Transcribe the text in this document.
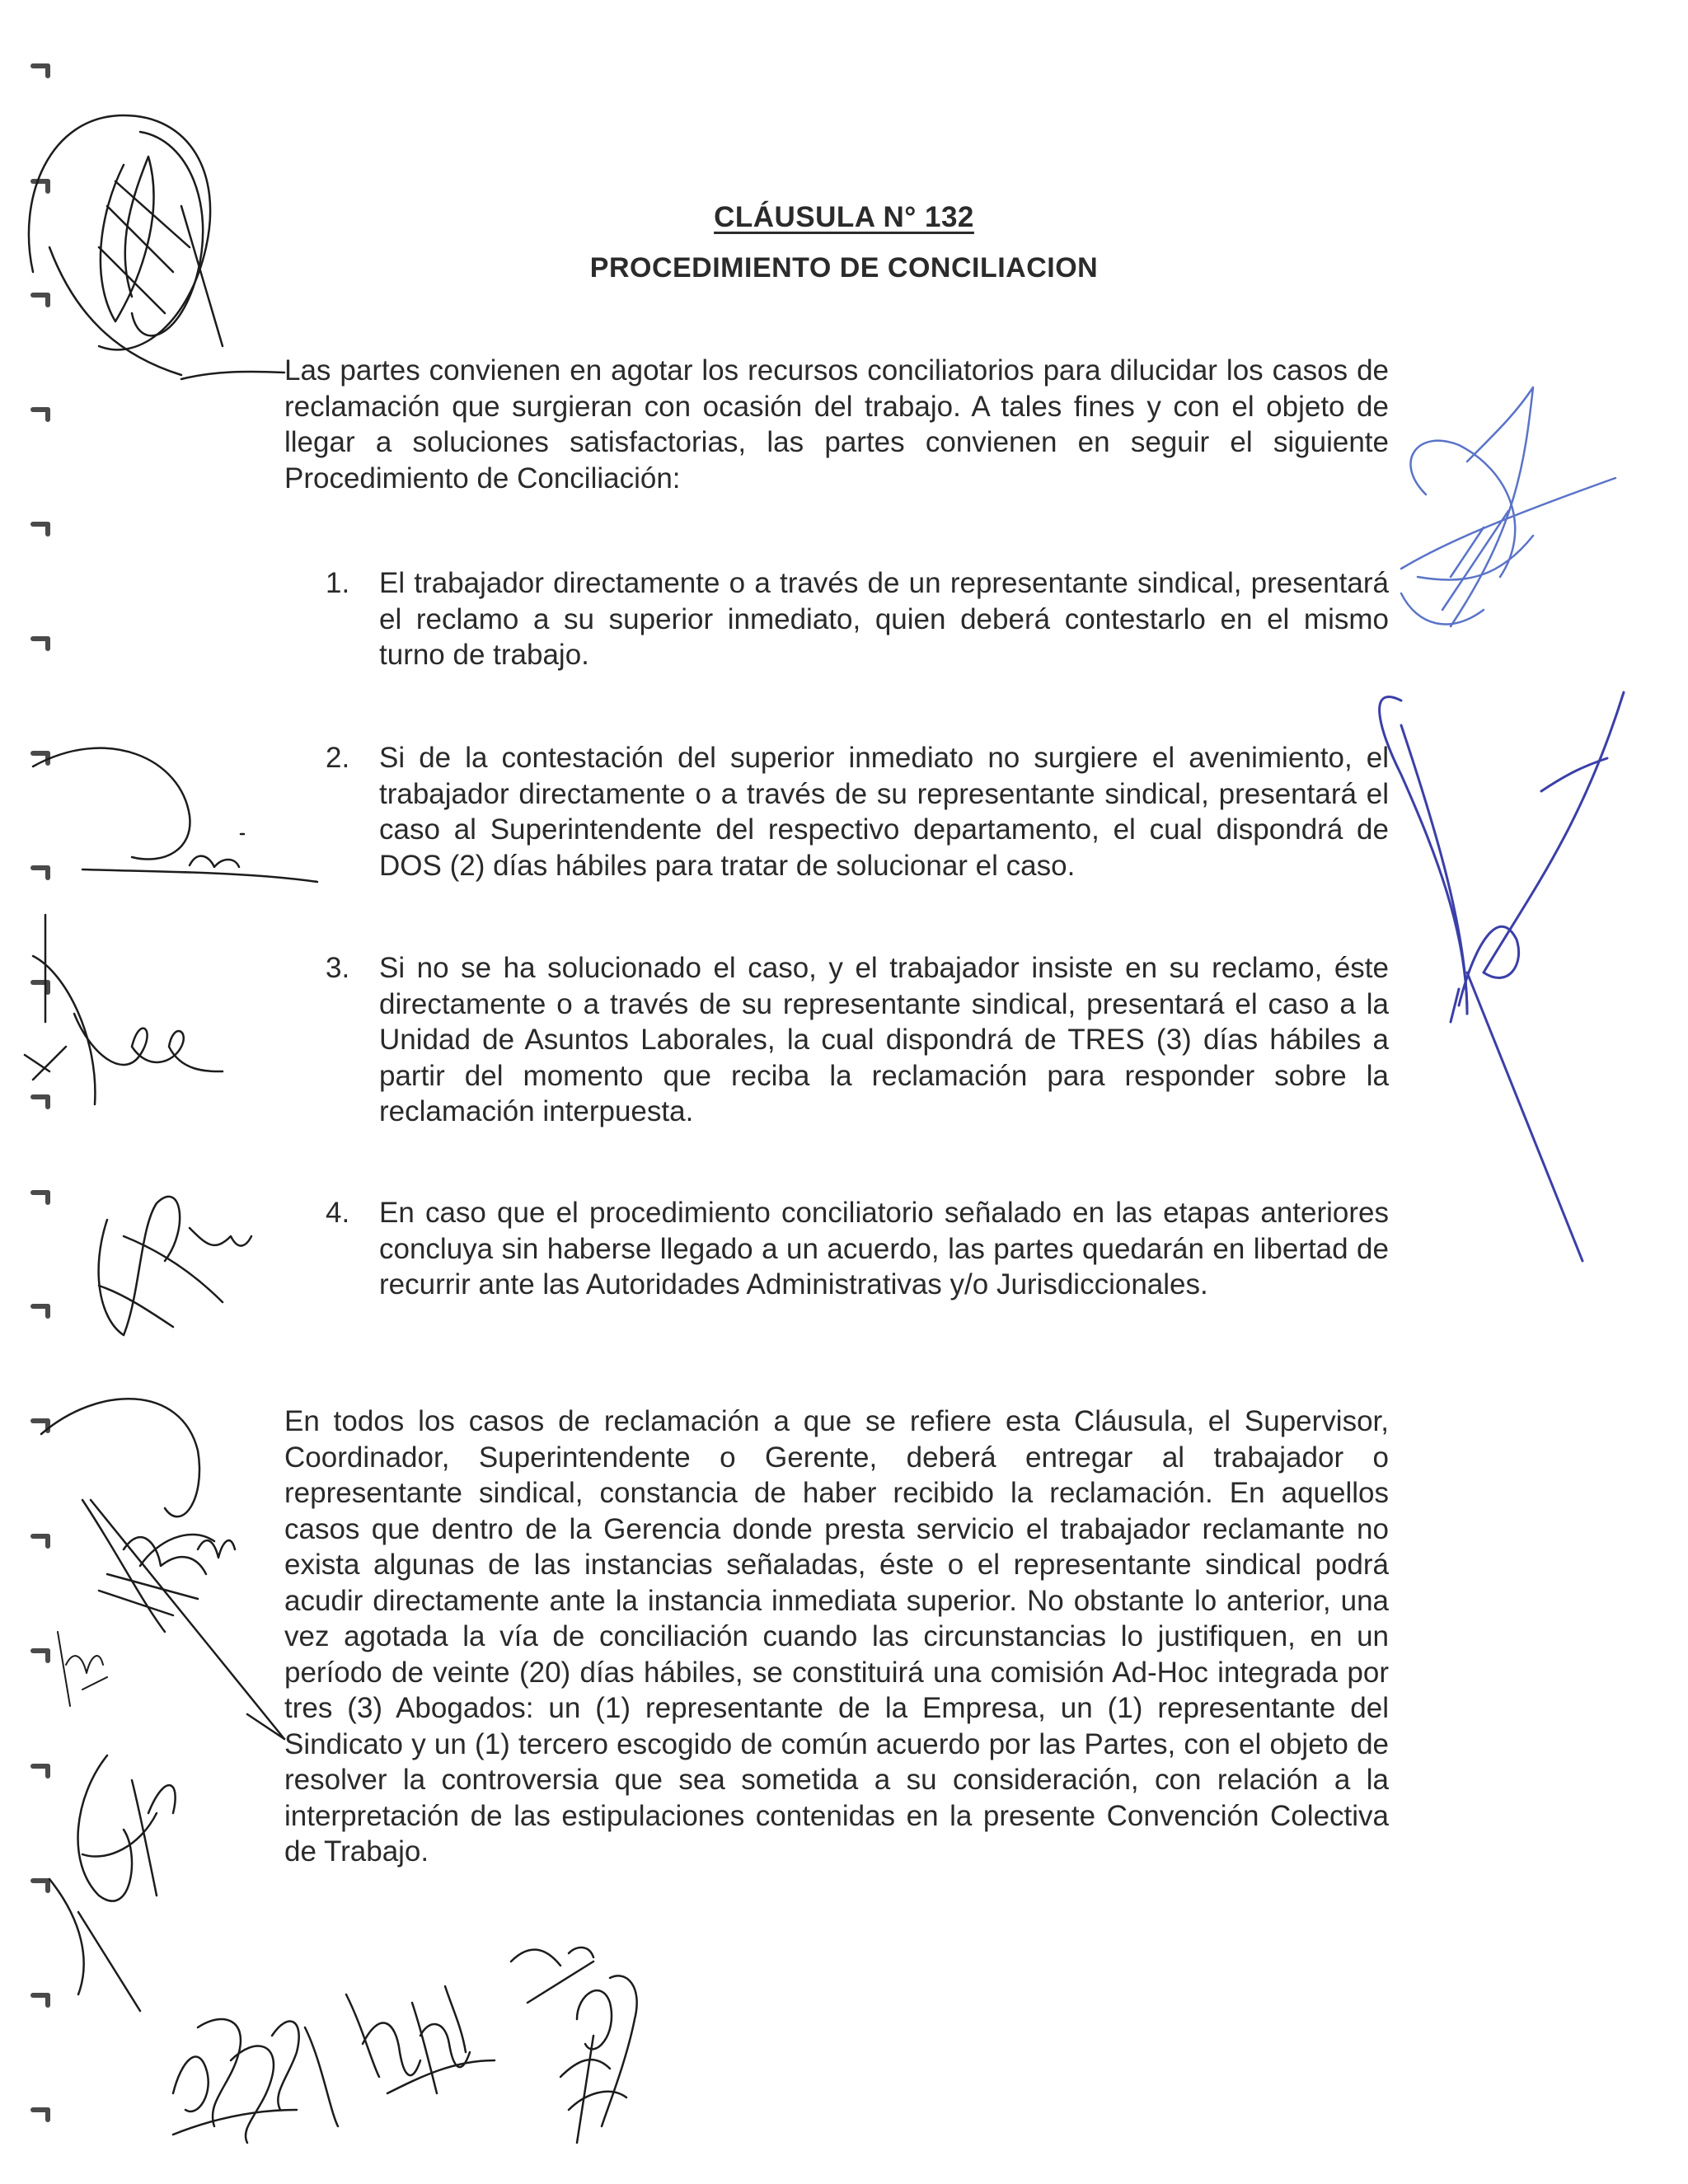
CLÁUSULA N° 132
PROCEDIMIENTO DE CONCILIACION

Las partes convienen en agotar los recursos conciliatorios para dilucidar los casos de reclamación que surgieran con ocasión del trabajo. A tales fines y con el objeto de llegar a soluciones satisfactorias, las partes convienen en seguir el siguiente Procedimiento de Conciliación:

1.	El trabajador directamente o a través de un representante sindical, presentará el reclamo a su superior inmediato, quien deberá contestarlo en el mismo turno de trabajo.

2.	Si de la contestación del superior inmediato no surgiere el avenimiento, el trabajador directamente o a través de su representante sindical, presentará el caso al Superintendente del respectivo departamento, el cual dispondrá de DOS (2) días hábiles para tratar de solucionar el caso.

3.	Si no se ha solucionado el caso, y el trabajador insiste en su reclamo, éste directamente o a través de su representante sindical, presentará el caso a la Unidad de Asuntos Laborales, la cual dispondrá de TRES (3) días hábiles a partir del momento que reciba la reclamación para responder sobre la reclamación interpuesta.

4.	En caso que el procedimiento conciliatorio señalado en las etapas anteriores concluya sin haberse llegado a un acuerdo, las partes quedarán en libertad de recurrir ante las Autoridades Administrativas y/o Jurisdiccionales.

En todos los casos de reclamación a que se refiere esta Cláusula, el Supervisor, Coordinador, Superintendente o Gerente, deberá entregar al trabajador o representante sindical, constancia de haber recibido la reclamación. En aquellos casos que dentro de la Gerencia donde presta servicio el trabajador reclamante no exista algunas de las instancias señaladas, éste o el representante sindical podrá acudir directamente ante la instancia inmediata superior. No obstante lo anterior, una vez agotada la vía de conciliación cuando las circunstancias lo justifiquen, en un período de veinte (20) días hábiles, se constituirá una comisión Ad-Hoc integrada por tres (3) Abogados: un (1) representante de la Empresa, un (1) representante del Sindicato y un (1) tercero escogido de común acuerdo por las Partes, con el objeto de resolver la controversia que sea sometida a su consideración, con relación a la interpretación de las estipulaciones contenidas en la presente Convención Colectiva de Trabajo.
